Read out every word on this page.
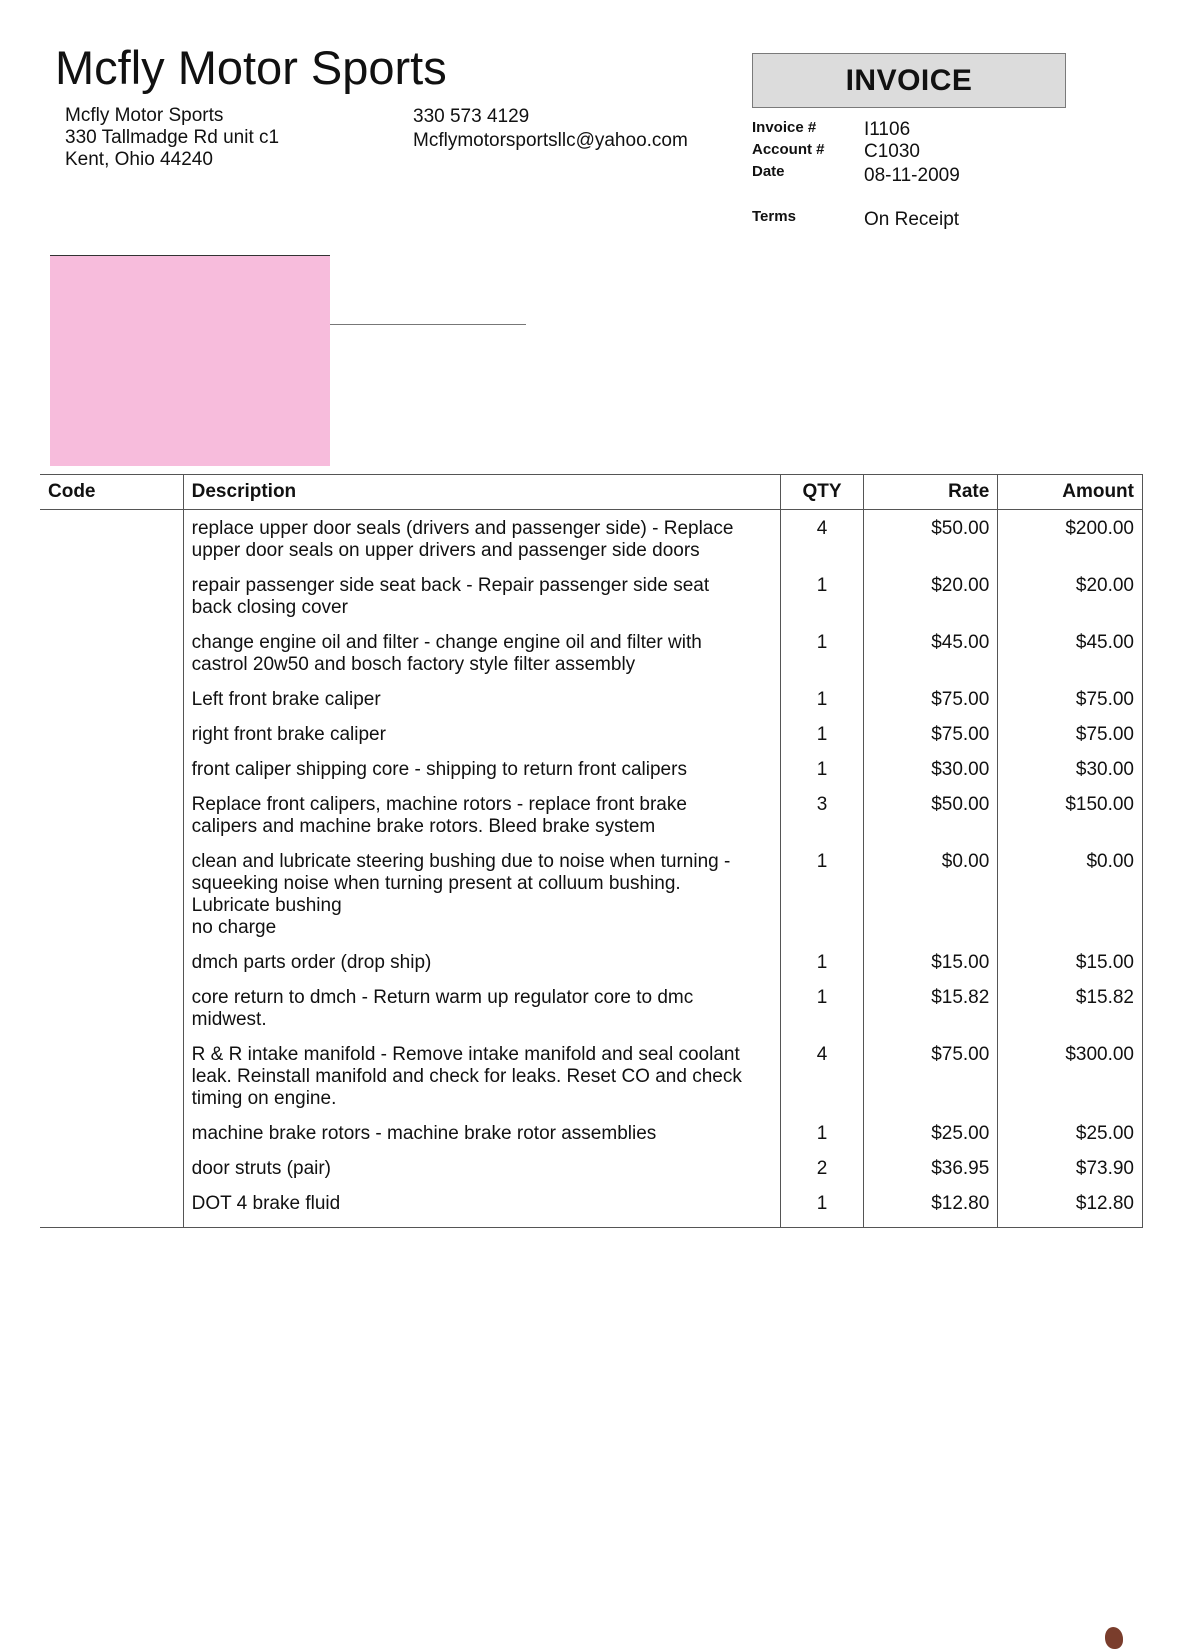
Mcfly Motor Sports
Mcfly Motor Sports
330 Tallmadge Rd unit c1
Kent, Ohio 44240
330 573 4129
Mcflymotorsportsllc@yahoo.com
INVOICE
Invoice #	I1106
Account # C1030
Date	08-11-2009
Terms	On Receipt
Code	Description	QTY	Rate	Amount

	replace upper door seals (drivers and passenger side) - Replace
upper door seals on upper drivers and passenger side doors	4	$50.00	$200.00

	repair passenger side seat back - Repair passenger side seat
back closing cover	1	$20.00	$20.00

	change engine oil and filter - change engine oil and filter with
castrol 20w50 and bosch factory style filter assembly	1	$45.00	$45.00

	Left front brake caliper	1	$75.00	$75.00

	right front brake caliper	1	$75.00	$75.00

	front caliper shipping core - shipping to return front calipers	1	$30.00	$30.00

	Replace front calipers, machine rotors - replace front brake
calipers and machine brake rotors. Bleed brake system	3	$50.00	$150.00

	clean and lubricate steering bushing due to noise when turning -
squeeking noise when turning present at colluum bushing.
Lubricate bushing
no charge	1	$0.00	$0.00

	dmch parts order (drop ship)	1	$15.00	$15.00

	core return to dmch - Return warm up regulator core to dmc
midwest.	1	$15.82	$15.82

	R & R intake manifold - Remove intake manifold and seal coolant
leak. Reinstall manifold and check for leaks. Reset CO and check
timing on engine.	4	$75.00	$300.00

	machine brake rotors - machine brake rotor assemblies	1	$25.00	$25.00

	door struts (pair)	2	$36.95	$73.90

	DOT 4 brake fluid	1	$12.80	$12.80
